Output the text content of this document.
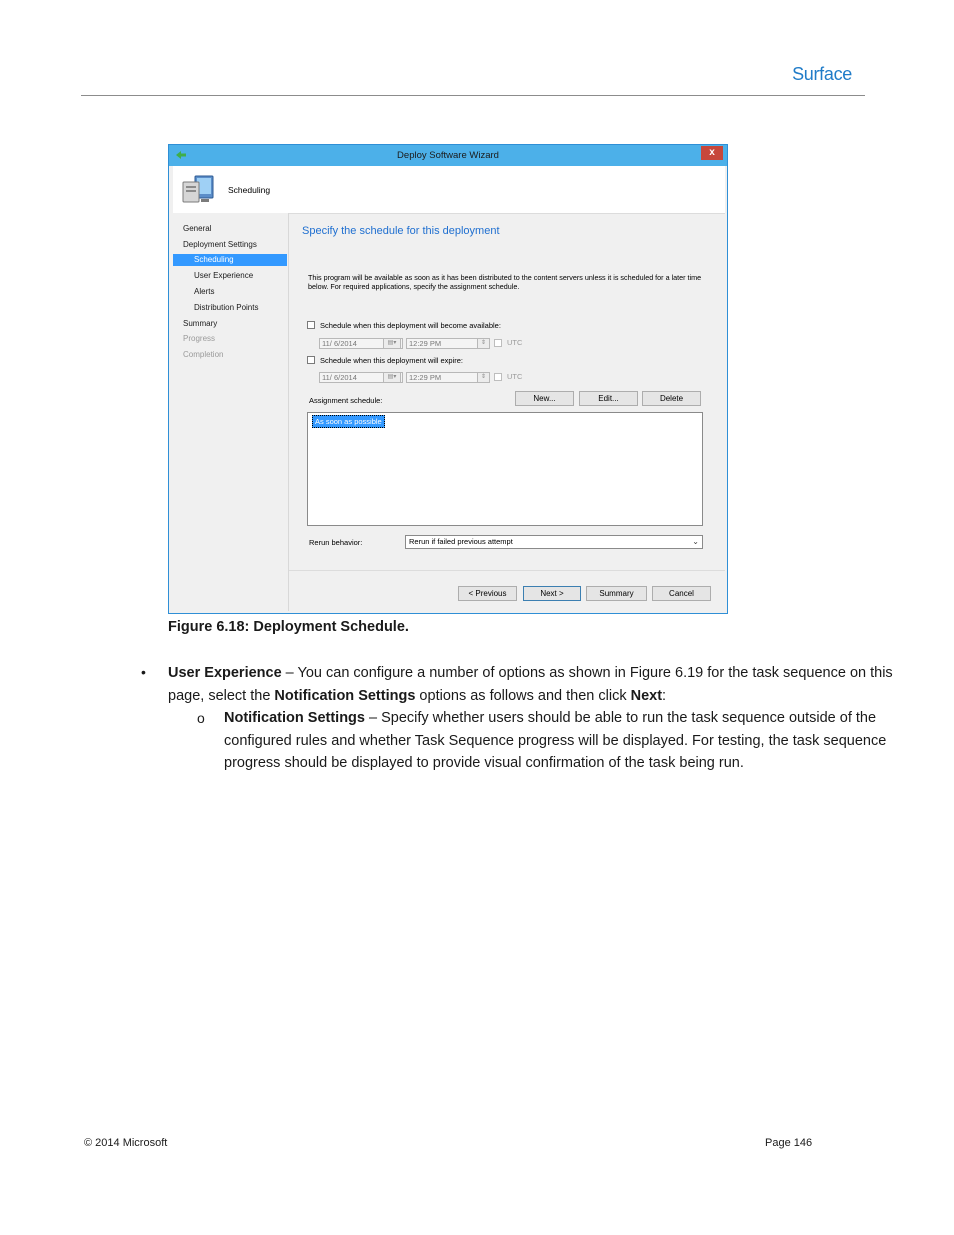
Surface
Deploy Software Wizard	x
Scheduling
General
Deployment Settings
Scheduling
User Experience
Alerts
Distribution Points
Summary
Progress
Completion
Specify the schedule for this deployment
This program will be available as soon as it has been distributed to the content servers unless it is scheduled for a later time below. For required applications, specify the assignment schedule.
Schedule when this deployment will become available:
11/ 6/2014	▤▾	12:29 PM	⇕	UTC
Schedule when this deployment will expire:
11/ 6/2014	▤▾	12:29 PM	⇕	UTC
Assignment schedule:	New...	Edit...	Delete
As soon as possible
Rerun behavior:	Rerun if failed previous attempt	⌄
< Previous	Next >	Summary	Cancel
Figure 6.18: Deployment Schedule.
• User Experience – You can configure a number of options as shown in Figure 6.19 for the task sequence on this page, select the Notification Settings options as follows and then click Next:
o Notification Settings – Specify whether users should be able to run the task sequence outside of the configured rules and whether Task Sequence progress will be displayed. For testing, the task sequence progress should be displayed to provide visual confirmation of the task being run.
© 2014 Microsoft	Page 146
